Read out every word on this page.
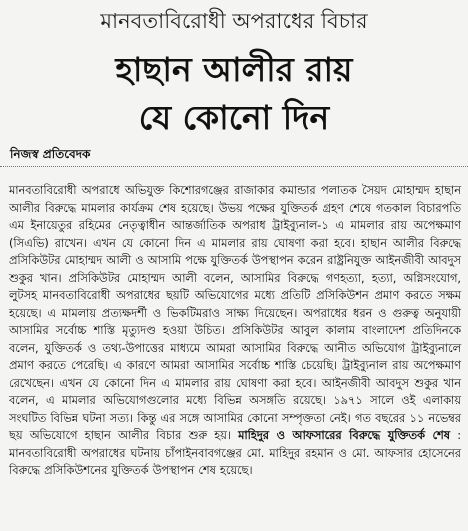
মানবতাবিরোধী অপরাধের বিচার
হাছান আলীর রায়
যে কোনো দিন
নিজস্ব প্রতিবেদক

মানবতাবিরোধী অপরাধে অভিযুক্ত কিশোরগঞ্জের রাজাকার কমান্ডার পলাতক সৈয়দ মোহাম্মদ হাছান আলীর বিরুদ্ধে মামলার কার্যক্রম শেষ হয়েছে। উভয় পক্ষের যুক্তিতর্ক গ্রহণ শেষে গতকাল বিচারপতি এম ইনায়েতুর রহিমের নেতৃত্বাধীন আন্তর্জাতিক অপরাধ ট্রাইব্যুনাল-১ এ মামলার রায় অপেক্ষমাণ (সিএভি) রাখেন। এখন যে কোনো দিন এ মামলার রায় ঘোষণা করা হবে। হাছান আলীর বিরুদ্ধে প্রসিকিউটর মোহাম্মদ আলী ও আসামি পক্ষে যুক্তিতর্ক উপস্থাপন করেন রাষ্ট্রনিযুক্ত আইনজীবী আবদুস শুকুর খান। প্রসিকিউটর মোহাম্মদ আলী বলেন, আসামির বিরুদ্ধে গণহত্যা, হত্যা, অগ্নিসংযোগ, লুটসহ মানবতাবিরোধী অপরাধের ছয়টি অভিযোগের মধ্যে প্রতিটি প্রসিকিউশন প্রমাণ করতে সক্ষম হয়েছে। এ মামলায় প্রত্যক্ষদর্শী ও ভিকটিমরাও সাক্ষ্য দিয়েছেন। অপরাধের ধরন ও গুরুত্ব অনুযায়ী আসামির সর্বোচ্চ শাস্তি মৃত্যুদণ্ড হওয়া উচিত। প্রসিকিউটর আবুল কালাম বাংলাদেশ প্রতিদিনকে বলেন, যুক্তিতর্ক ও তথ্য-উপাত্তের মাধ্যমে আমরা আসামির বিরুদ্ধে আনীত অভিযোগ ট্রাইব্যুনালে প্রমাণ করতে পেরেছি। এ কারণে আমরা আসামির সর্বোচ্চ শাস্তি চেয়েছি। ট্রাইব্যুনাল রায় অপেক্ষমাণ রেখেছেন। এখন যে কোনো দিন এ মামলার রায় ঘোষণা করা হবে। আইনজীবী আবদুস শুকুর খান বলেন, এ মামলার অভিযোগগুলোর মধ্যে বিভিন্ন অসঙ্গতি রয়েছে। ১৯৭১ সালে ওই এলাকায় সংঘটিত বিভিন্ন ঘটনা সত্য। কিন্তু এর সঙ্গে আসামির কোনো সম্পৃক্ততা নেই। গত বছরের ১১ নভেম্বর ছয় অভিযোগে হাছান আলীর বিচার শুরু হয়। মাহিদুর ও আফসারের বিরুদ্ধে যুক্তিতর্ক শেষ : মানবতাবিরোধী অপরাধের ঘটনায় চাঁপাইনবাবগঞ্জের মো. মাহিদুর রহমান ও মো. আফসার হোসেনের বিরুদ্ধে প্রসিকিউশনের যুক্তিতর্ক উপস্থাপন শেষ হয়েছে।
